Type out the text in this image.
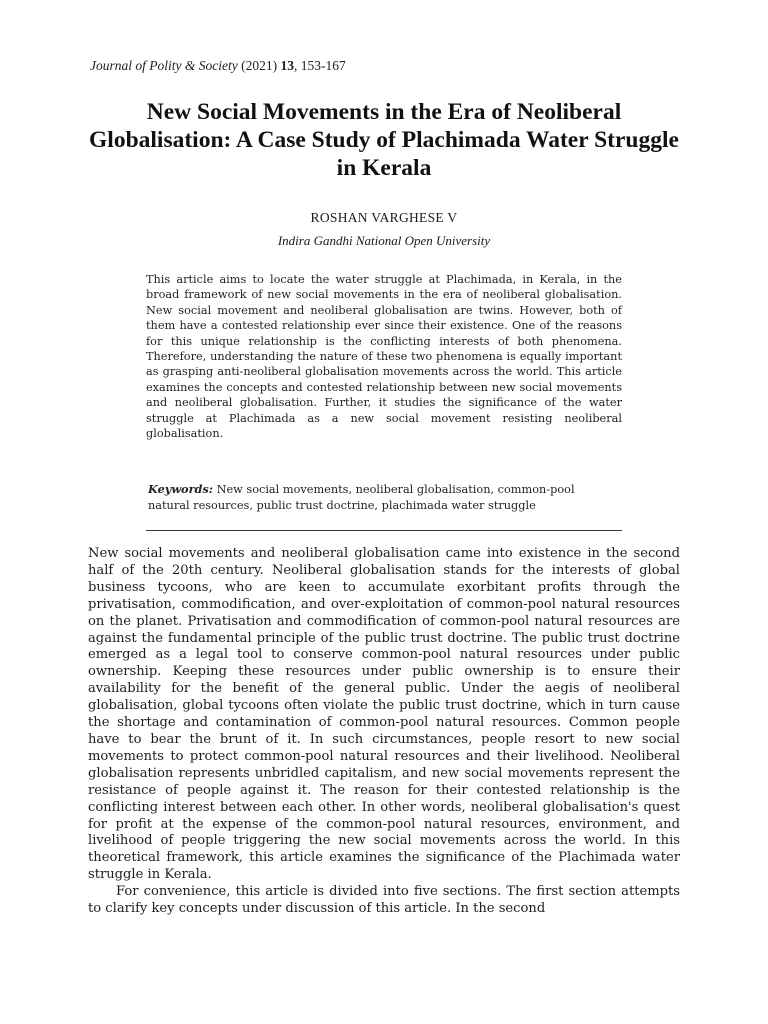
Journal of Polity & Society (2021) 13, 153-167
New Social Movements in the Era of Neoliberal Globalisation: A Case Study of Plachimada Water Struggle in Kerala
ROSHAN VARGHESE V
Indira Gandhi National Open University
This article aims to locate the water struggle at Plachimada, in Kerala, in the broad framework of new social movements in the era of neoliberal globalisation. New social movement and neoliberal globalisation are twins. However, both of them have a contested relationship ever since their existence. One of the reasons for this unique relationship is the conflicting interests of both phenomena. Therefore, understanding the nature of these two phenomena is equally important as grasping anti-neoliberal globalisation movements across the world. This article examines the concepts and contested relationship between new social movements and neoliberal globalisation. Further, it studies the significance of the water struggle at Plachimada as a new social movement resisting neoliberal globalisation.
Keywords: New social movements, neoliberal globalisation, common-pool natural resources, public trust doctrine, plachimada water struggle

New social movements and neoliberal globalisation came into existence in the second half of the 20th century. Neoliberal globalisation stands for the interests of global business tycoons, who are keen to accumulate exorbitant profits through the privatisation, commodification, and over-exploitation of common-pool natural resources on the planet. Privatisation and commodification of common-pool natural resources are against the fundamental principle of the public trust doctrine. The public trust doctrine emerged as a legal tool to conserve common-pool natural resources under public ownership. Keeping these resources under public ownership is to ensure their availability for the benefit of the general public. Under the aegis of neoliberal globalisation, global tycoons often violate the public trust doctrine, which in turn cause the shortage and contamination of common-pool natural resources. Common people have to bear the brunt of it. In such circumstances, people resort to new social movements to protect common-pool natural resources and their livelihood. Neoliberal globalisation represents unbridled capitalism, and new social movements represent the resistance of people against it. The reason for their contested relationship is the conflicting interest between each other. In other words, neoliberal globalisation's quest for profit at the expense of the common-pool natural resources, environment, and livelihood of people triggering the new social movements across the world. In this theoretical framework, this article examines the significance of the Plachimada water struggle in Kerala.

For convenience, this article is divided into five sections. The first section attempts to clarify key concepts under discussion of this article. In the second
